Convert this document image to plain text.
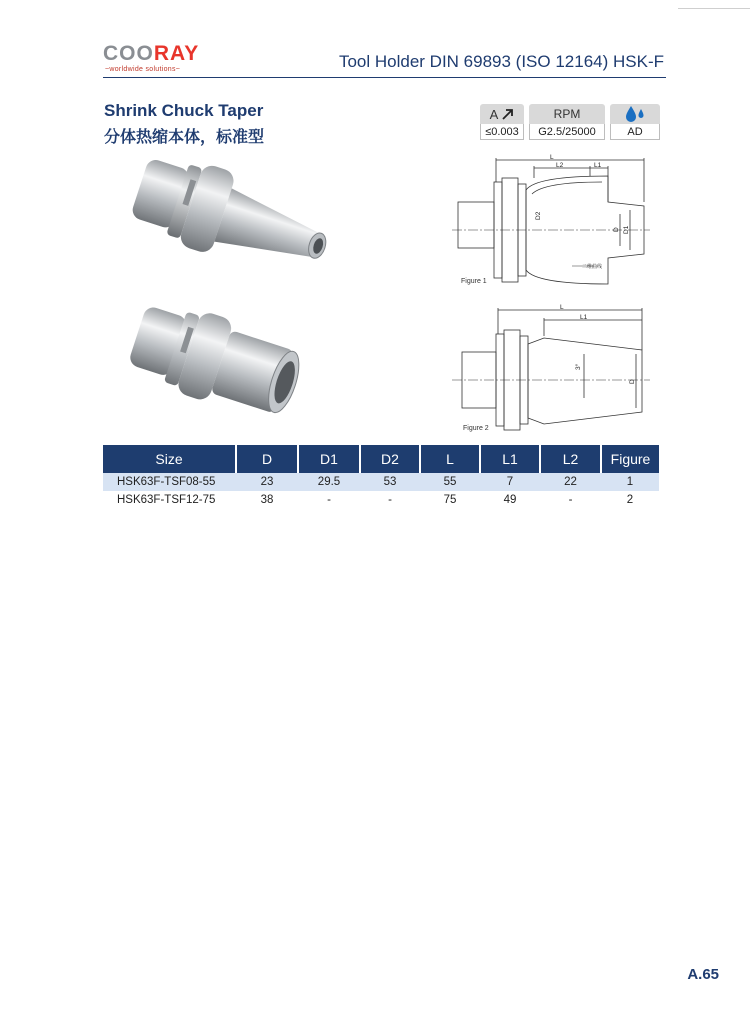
COORAY
~worldwide solutions~	Tool Holder DIN 69893 (ISO 12164) HSK-F
Shrink Chuck Taper
分体热缩本体，标准型
A
≤0.003
RPM
G2.5/25000	AD
L
L2	L1
D2
D D1
二维曲线
Figure 1
L
L1
3°
D
Figure 2
Size	D	D1	D2	L	L1	L2	Figure
HSK63F-TSF08-55	23	29.5	53	55	7	22	1
HSK63F-TSF12-75	38	-	-	75	49	-	2
A.65
